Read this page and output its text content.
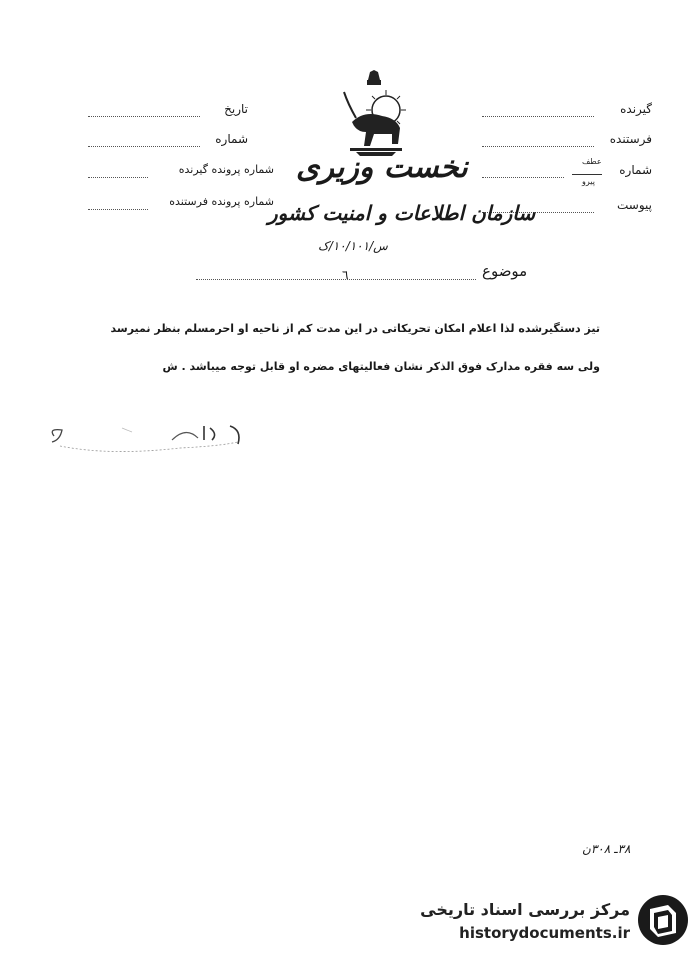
تاریخ
شماره
شماره پرونده گیرنده
شماره پرونده فرستنده
گیرنده
فرستنده
شماره
عطف
پیرو
پیوست
نخست وزیری
سازمان اطلاعات و امنیت کشور
س/۱۰/۱۰۱/ک
موضوع
٦
تیز دستگیرشده لذا اعلام امکان تحریکاتی در این مدت کم از ناحیه او احرمسلم بنظر نمیرسد
ولی سه فقره مدارک فوق الذکر نشان فعالیتهای مضره او قابل توجه میباشد . ش
۳۸ـ ۳۰۸ن
مرکز بررسی اسناد تاریخی
historydocuments.ir
